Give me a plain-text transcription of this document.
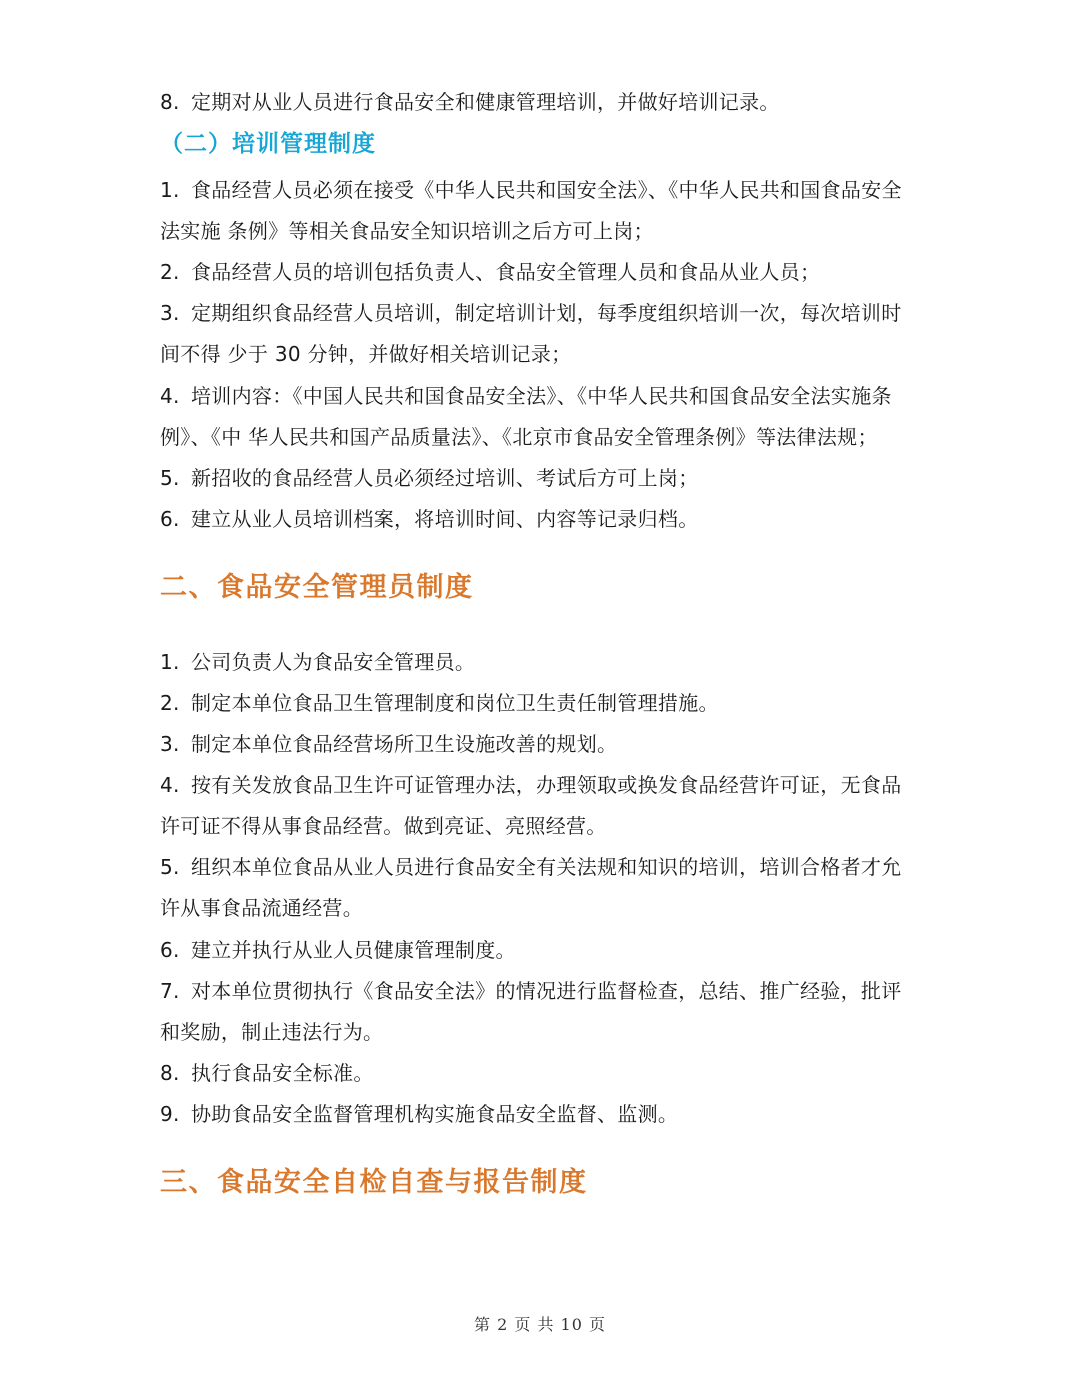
8. 定期对从业人员进行食品安全和健康管理培训，并做好培训记录。
（二）培训管理制度
1. 食品经营人员必须在接受《中华人民共和国安全法》、《中华人民共和国食品安全
法实施 条例》等相关食品安全知识培训之后方可上岗；
2. 食品经营人员的培训包括负责人、食品安全管理人员和食品从业人员；
3. 定期组织食品经营人员培训，制定培训计划，每季度组织培训一次，每次培训时
间不得 少于 30 分钟，并做好相关培训记录；
4. 培训内容：《中国人民共和国食品安全法》、《中华人民共和国食品安全法实施条
例》、《中 华人民共和国产品质量法》、《北京市食品安全管理条例》等法律法规；
5. 新招收的食品经营人员必须经过培训、考试后方可上岗；
6. 建立从业人员培训档案，将培训时间、内容等记录归档。
二、食品安全管理员制度
1. 公司负责人为食品安全管理员。
2. 制定本单位食品卫生管理制度和岗位卫生责任制管理措施。
3. 制定本单位食品经营场所卫生设施改善的规划。
4. 按有关发放食品卫生许可证管理办法，办理领取或换发食品经营许可证，无食品
许可证不得从事食品经营。做到亮证、亮照经营。
5. 组织本单位食品从业人员进行食品安全有关法规和知识的培训，培训合格者才允
许从事食品流通经营。
6. 建立并执行从业人员健康管理制度。
7. 对本单位贯彻执行《食品安全法》的情况进行监督检查，总结、推广经验，批评
和奖励，制止违法行为。
8. 执行食品安全标准。
9. 协助食品安全监督管理机构实施食品安全监督、监测。
三、食品安全自检自查与报告制度
第 2 页 共 10 页
